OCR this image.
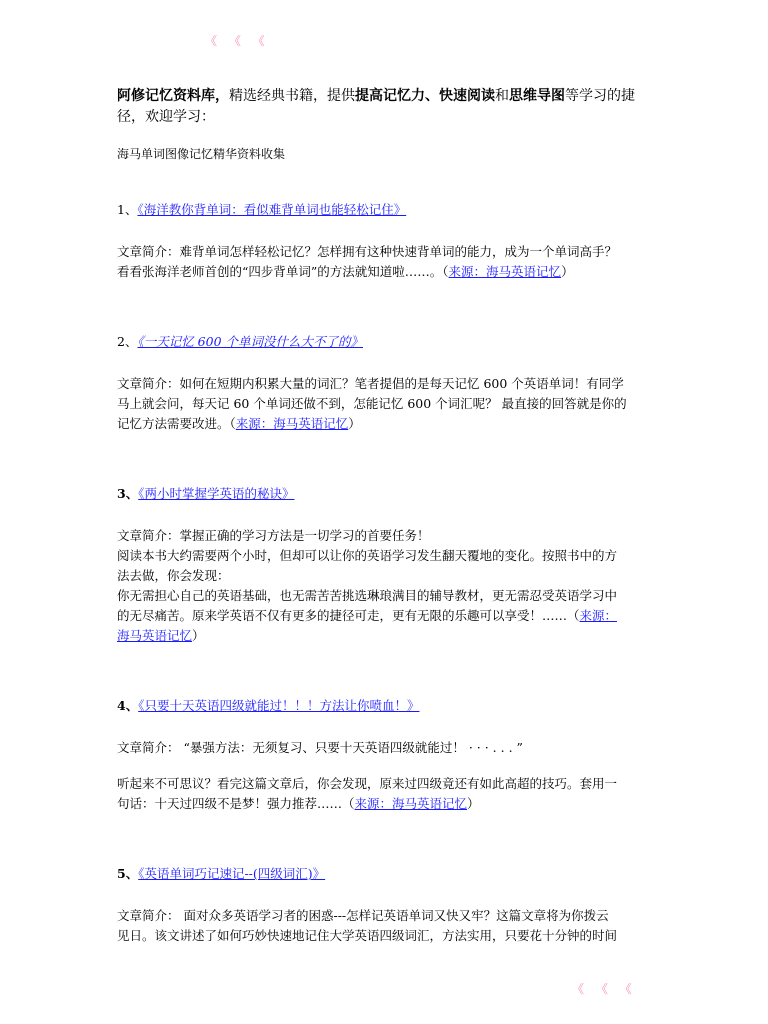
《 《 《

阿修记忆资料库，精选经典书籍，提供提高记忆力、快速阅读和思维导图等学习的捷径，欢迎学习：

海马单词图像记忆精华资料收集

1、《海洋教你背单词：看似难背单词也能轻松记住》

文章简介：难背单词怎样轻松记忆？怎样拥有这种快速背单词的能力，成为一个单词高手？

看看张海洋老师首创的“四步背单词”的方法就知道啦……。（来源：海马英语记忆）

2、《一天记忆 600 个单词没什么大不了的》

文章简介：如何在短期内积累大量的词汇？笔者提倡的是每天记忆 600 个英语单词！有同学

马上就会问，每天记 60 个单词还做不到，怎能记忆 600 个词汇呢？ 最直接的回答就是你的

记忆方法需要改进。（来源：海马英语记忆）

3、《两小时掌握学英语的秘诀》

文章简介：掌握正确的学习方法是一切学习的首要任务！

阅读本书大约需要两个小时，但却可以让你的英语学习发生翻天覆地的变化。按照书中的方

法去做，你会发现：

你无需担心自己的英语基础，也无需苦苦挑选琳琅满目的辅导教材，更无需忍受英语学习中

的无尽痛苦。原来学英语不仅有更多的捷径可走，更有无限的乐趣可以享受！……（来源：

海马英语记忆）

4、《只要十天英语四级就能过！！！方法让你喷血！》

文章简介： “暴强方法：无须复习、只要十天英语四级就能过！ · · · . . . ”

听起来不可思议？看完这篇文章后，你会发现，原来过四级竟还有如此高超的技巧。套用一

句话：十天过四级不是梦！强力推荐……（来源：海马英语记忆）

5、《英语单词巧记速记--(四级词汇)》

文章简介： 面对众多英语学习者的困惑---怎样记英语单词又快又牢？这篇文章将为你拨云

见日。该文讲述了如何巧妙快速地记住大学英语四级词汇，方法实用，只要花十分钟的时间

《 《 《
